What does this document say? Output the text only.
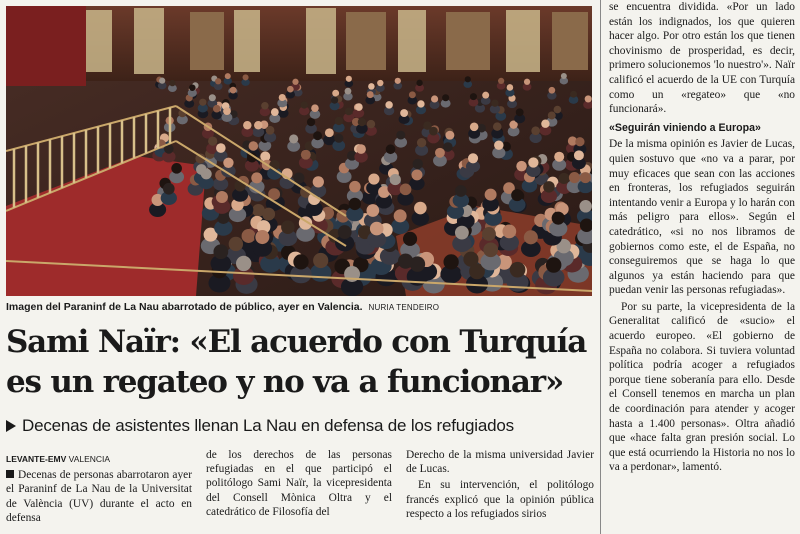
Imagen del Paraninf de La Nau abarrotado de público, ayer en Valencia. NURIA TENDEIRO
Sami Naïr: «El acuerdo con Turquía
es un regateo y no va a funcionar»
Decenas de asistentes llenan La Nau en defensa de los refugiados
LEVANTE-EMV VALENCIA

Decenas de personas abarrotaron ayer el Paraninf de La Nau de la Universitat de València (UV) durante el acto en defensa

de los derechos de las personas refugiadas en el que participó el politólogo Sami Naïr, la vicepresidenta del Consell Mònica Oltra y el catedrático de Filosofía del

Derecho de la misma universidad Javier de Lucas.

En su intervención, el politólogo francés explicó que la opinión pública respecto a los refugiados sirios

se encuentra dividida. «Por un lado están los indignados, los que quieren hacer algo. Por otro están los que tienen chovinismo de prosperidad, es decir, primero solucionemos 'lo nuestro'». Naïr calificó el acuerdo de la UE con Turquía como un «regateo» que «no funcionará».

«Seguirán viniendo a Europa»

De la misma opinión es Javier de Lucas, quien sostuvo que «no va a parar, por muy eficaces que sean con las acciones en fronteras, los refugiados seguirán intentando venir a Europa y lo harán con más peligro para ellos». Según el catedrático, «si no nos libramos de gobiernos como este, el de España, no conseguiremos que se haga lo que algunos ya están haciendo para que puedan venir las personas refugiadas».

Por su parte, la vicepresidenta de la Generalitat calificó de «sucio» el acuerdo europeo. «El gobierno de España no colabora. Si tuviera voluntad política podría acoger a refugiados porque tiene soberanía para ello. Desde el Consell tenemos en marcha un plan de coordinación para atender y acoger hasta a 1.400 personas». Oltra añadió que «hace falta gran presión social. Lo que está ocurriendo la Historia no nos lo va a perdonar», lamentó.
